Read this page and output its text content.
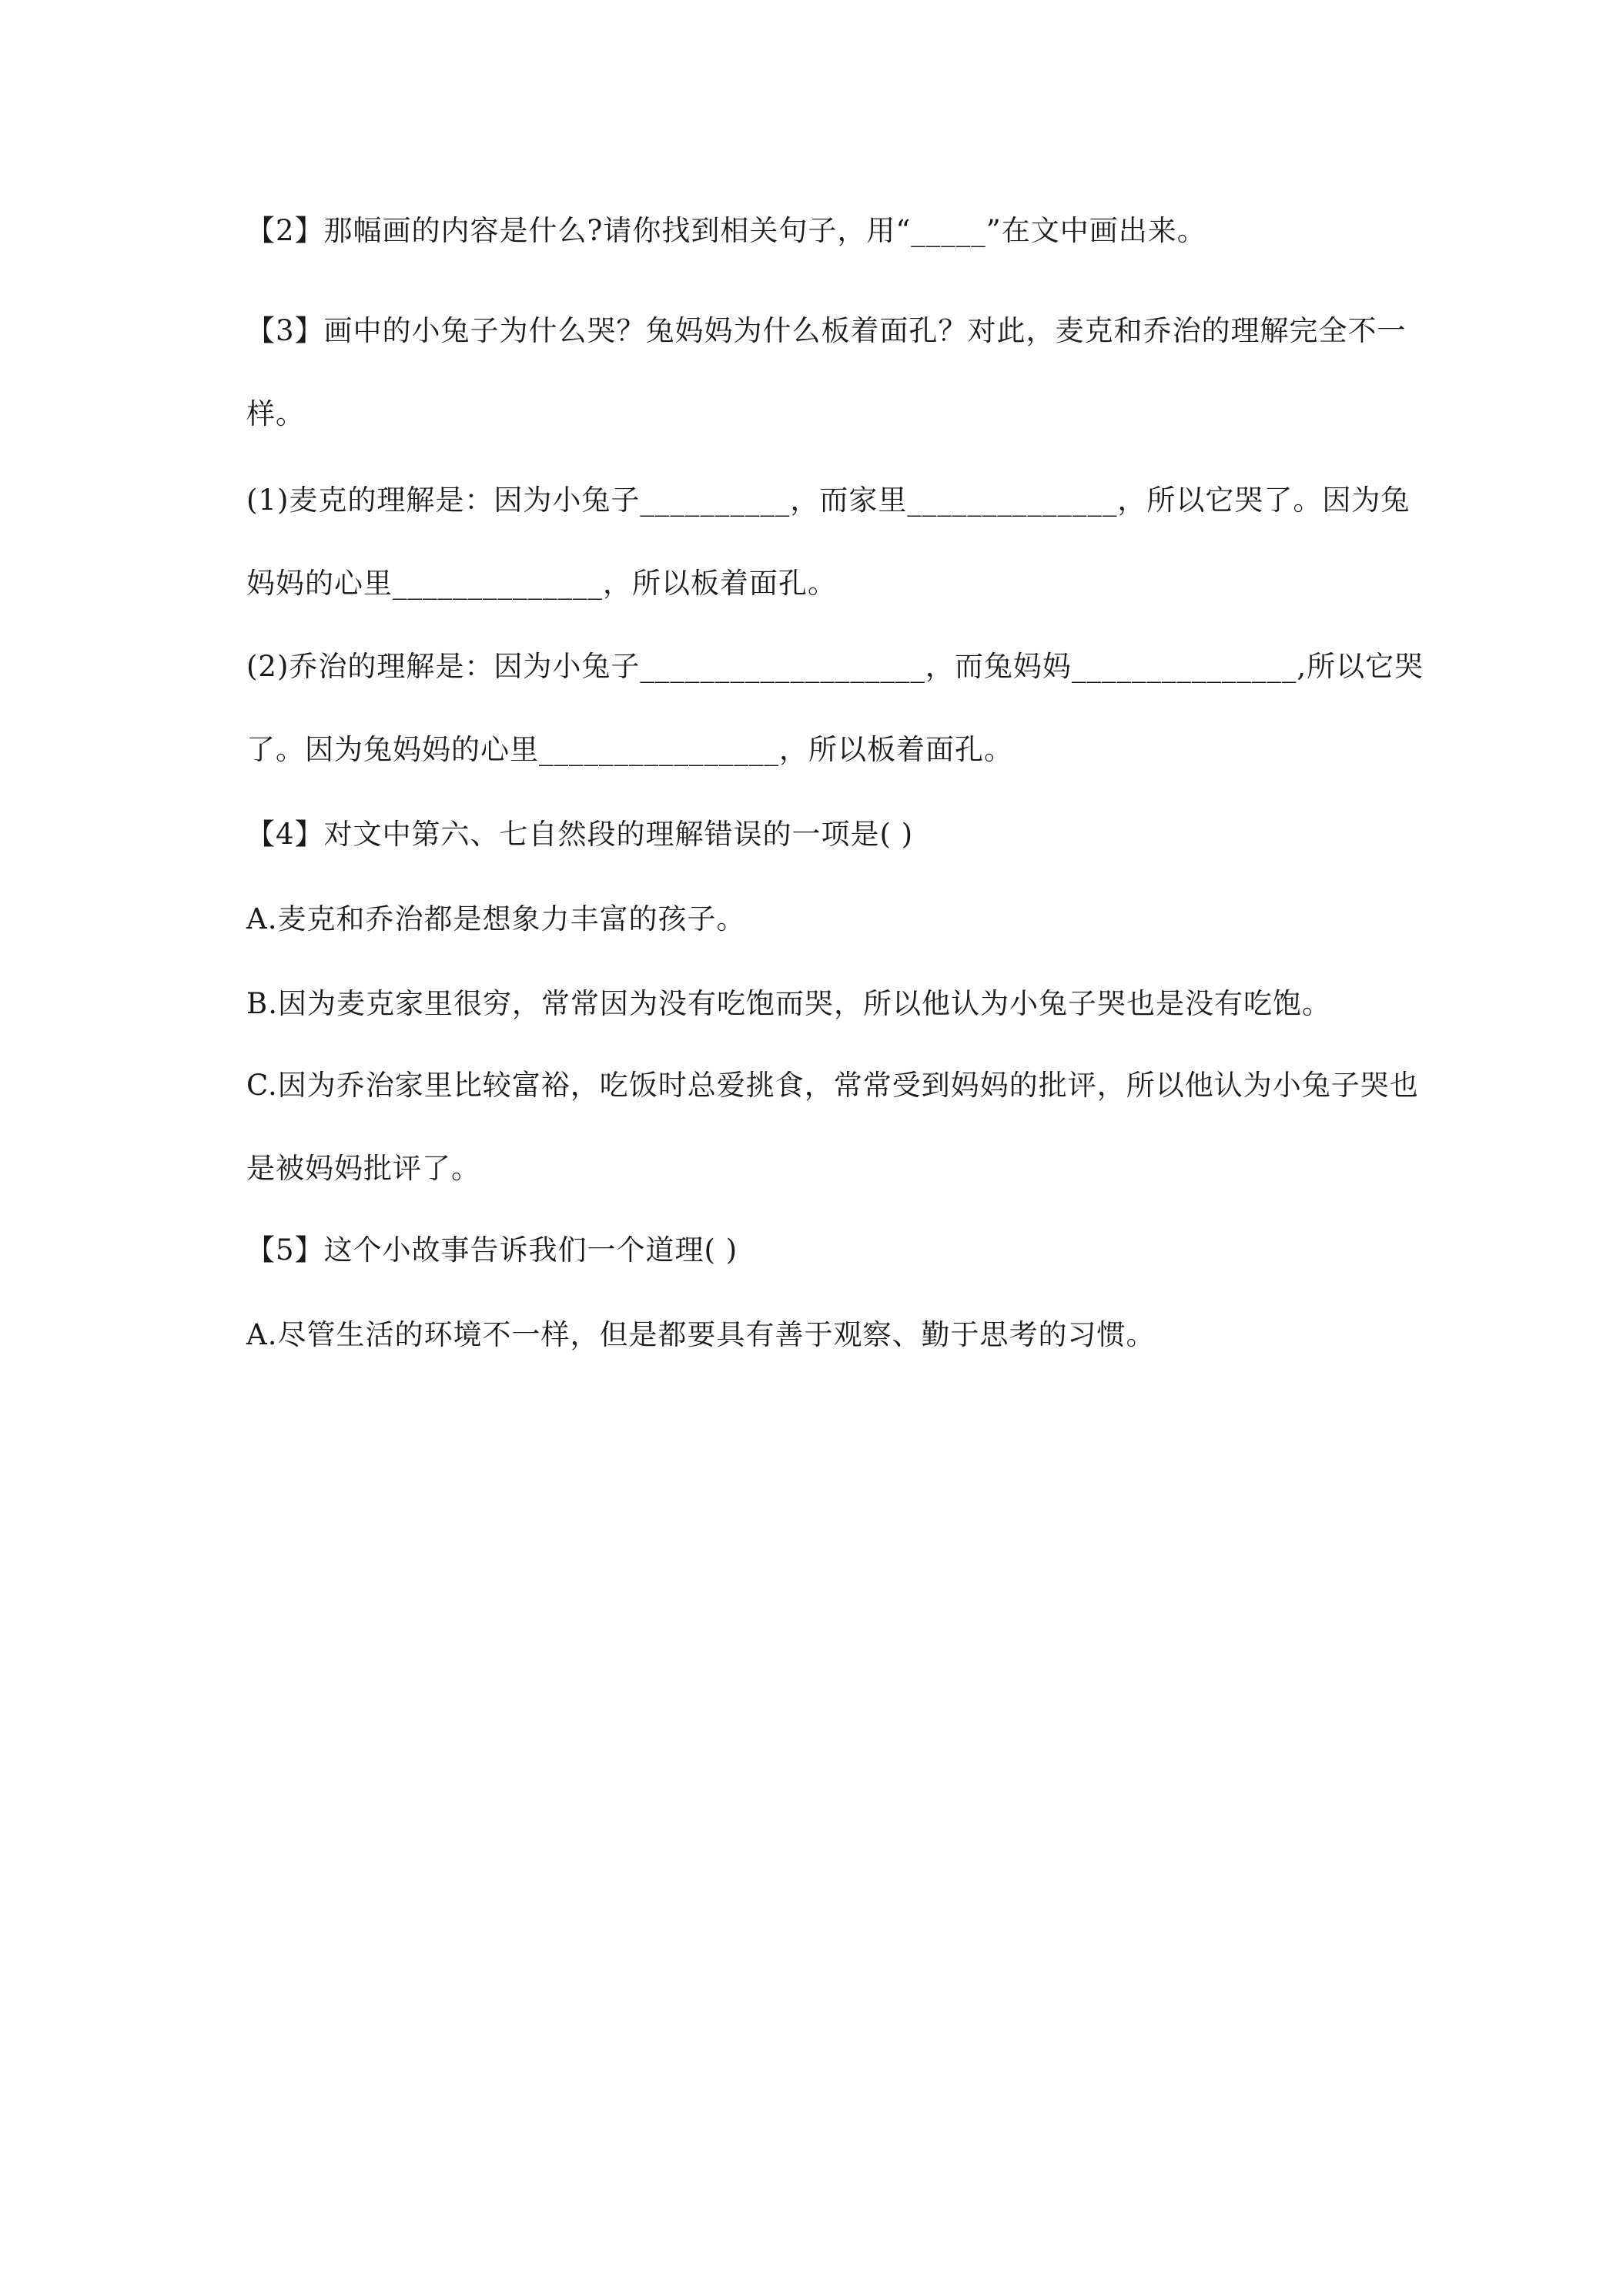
【2】那幅画的内容是什么?请你找到相关句子，用“_____”在文中画出来。
【3】画中的小兔子为什么哭？兔妈妈为什么板着面孔？对此，麦克和乔治的理解完全不一
样。
(1)麦克的理解是：因为小兔子__________，而家里______________，所以它哭了。因为兔
妈妈的心里______________，所以板着面孔。
(2)乔治的理解是：因为小兔子___________________，而兔妈妈_______________,所以它哭
了。因为兔妈妈的心里________________，所以板着面孔。
【4】对文中第六、七自然段的理解错误的一项是( )
A.麦克和乔治都是想象力丰富的孩子。
B.因为麦克家里很穷，常常因为没有吃饱而哭，所以他认为小兔子哭也是没有吃饱。
C.因为乔治家里比较富裕，吃饭时总爱挑食，常常受到妈妈的批评，所以他认为小兔子哭也
是被妈妈批评了。
【5】这个小故事告诉我们一个道理( )
A.尽管生活的环境不一样，但是都要具有善于观察、勤于思考的习惯。
